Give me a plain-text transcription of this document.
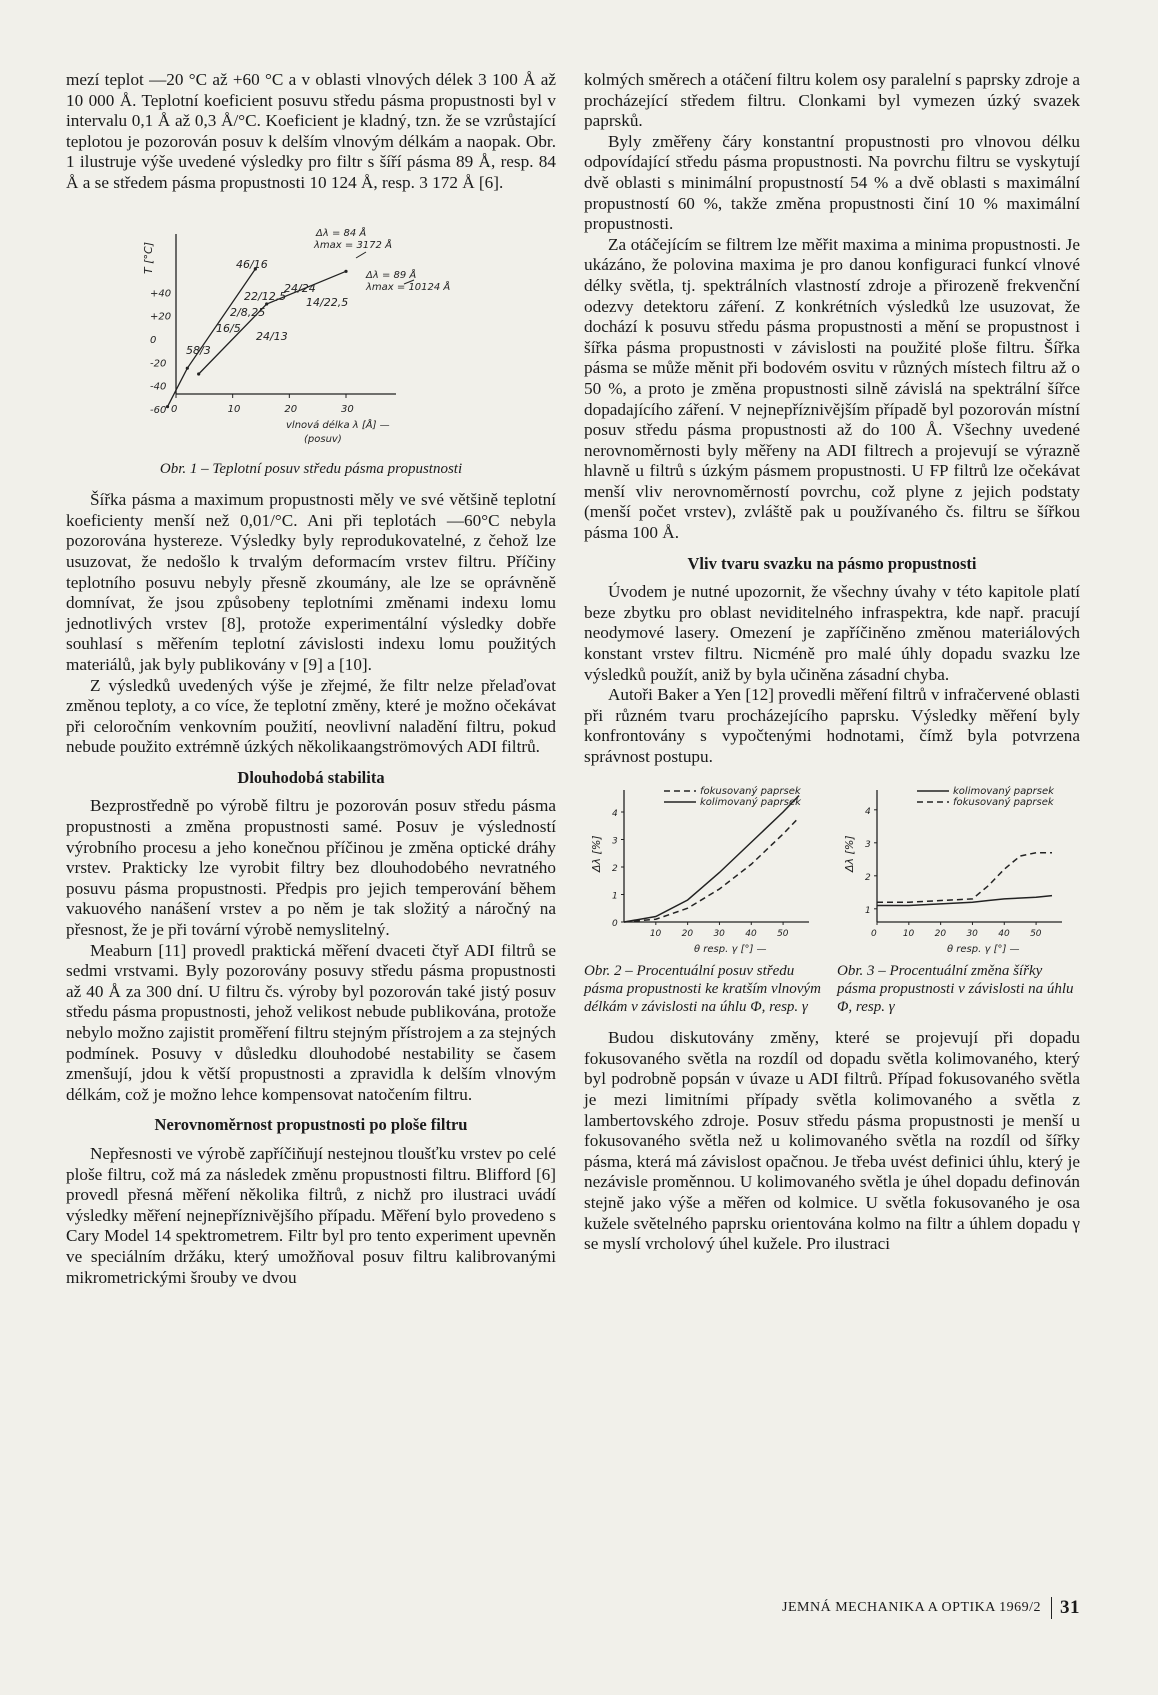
mezí teplot —20 °C až +60 °C a v oblasti vlnových délek 3 100 Å až 10 000 Å. Teplotní koeficient posuvu středu pásma propustnosti byl v intervalu 0,1 Å až 0,3 Å/°C. Koeficient je kladný, tzn. že se vzrůstající teplotou je pozorován posuv k delším vlnovým délkám a naopak. Obr. 1 ilustruje výše uvedené výsledky pro filtr s šíří pásma 89 Å, resp. 84 Å a se středem pásma propustnosti 10 124 Å, resp. 3 172 Å [6].

T [°C]
+40
+20
0
-20
-40
-60 0	10	20	30
vlnová délka λ [Å] —
(posuv)
Δλ = 84 Å
λmax = 3172 Å
Δλ = 89 Å
λmax = 10124 Å
46/16
24/24
22/12,5 14/22,5
2/8,25
16/5
24/13
58/3
Obr. 1 – Teplotní posuv středu pásma propustnosti

Šířka pásma a maximum propustnosti měly ve své většině teplotní koeficienty menší než 0,01/°C. Ani při teplotách —60°C nebyla pozorována hystereze. Výsledky byly reprodukovatelné, z čehož lze usuzovat, že nedošlo k trvalým deformacím vrstev filtru. Příčiny teplotního posuvu nebyly přesně zkoumány, ale lze se oprávněně domnívat, že jsou způsobeny teplotními změnami indexu lomu jednotlivých vrstev [8], protože experimentální výsledky dobře souhlasí s měřením teplotní závislosti indexu lomu použitých materiálů, jak byly publikovány v [9] a [10].

Z výsledků uvedených výše je zřejmé, že filtr nelze přelaďovat změnou teploty, a co více, že teplotní změny, které je možno očekávat při celoročním venkovním použití, neovlivní naladění filtru, pokud nebude použito extrémně úzkých několikaangströmových ADI filtrů.

Dlouhodobá stabilita

Bezprostředně po výrobě filtru je pozorován posuv středu pásma propustnosti a změna propustnosti samé. Posuv je výsledností výrobního procesu a jeho konečnou příčinou je změna optické dráhy vrstev. Prakticky lze vyrobit filtry bez dlouhodobého nevratného posuvu pásma propustnosti. Předpis pro jejich temperování během vakuového nanášení vrstev a po něm je tak složitý a náročný na přesnost, že je při tovární výrobě nemyslitelný.

Meaburn [11] provedl praktická měření dvaceti čtyř ADI filtrů se sedmi vrstvami. Byly pozorovány posuvy středu pásma propustnosti až 40 Å za 300 dní. U filtru čs. výroby byl pozorován také jistý posuv středu pásma propustnosti, jehož velikost nebude publikována, protože nebylo možno zajistit proměření filtru stejným přístrojem a za stejných podmínek. Posuvy v důsledku dlouhodobé nestability se časem zmenšují, jdou k větší propustnosti a zpravidla k delším vlnovým délkám, což je možno lehce kompensovat natočením filtru.

Nerovnoměrnost propustnosti po ploše filtru

Nepřesnosti ve výrobě zapříčiňují nestejnou tloušťku vrstev po celé ploše filtru, což má za následek změnu propustnosti filtru. Blifford [6] provedl přesná měření několika filtrů, z nichž pro ilustraci uvádí výsledky měření nejnepříznivějšího případu. Měření bylo provedeno s Cary Model 14 spektrometrem. Filtr byl pro tento experiment upevněn ve speciálním držáku, který umožňoval posuv filtru kalibrovanými mikrometrickými šrouby ve dvou

kolmých směrech a otáčení filtru kolem osy paralelní s paprsky zdroje a procházející středem filtru. Clonkami byl vymezen úzký svazek paprsků.

Byly změřeny čáry konstantní propustnosti pro vlnovou délku odpovídající středu pásma propustnosti. Na povrchu filtru se vyskytují dvě oblasti s minimální propustností 54 % a dvě oblasti s maximální propustností 60 %, takže změna propustnosti činí 10 % maximální propustnosti.

Za otáčejícím se filtrem lze měřit maxima a minima propustnosti. Je ukázáno, že polovina maxima je pro danou konfiguraci funkcí vlnové délky světla, tj. spektrálních vlastností zdroje a přirozeně frekvenční odezvy detektoru záření. Z konkrétních výsledků lze usuzovat, že dochází k posuvu středu pásma propustnosti a mění se propustnost i šířka pásma propustnosti v závislosti na použité ploše filtru. Šířka pásma se může měnit při bodovém osvitu v různých místech filtru až o 50 %, a proto je změna propustnosti silně závislá na spektrální šířce dopadajícího záření. V nejnepříznivějším případě byl pozorován místní posuv středu pásma propustnosti až do 100 Å. Všechny uvedené nerovnoměrnosti byly měřeny na ADI filtrech a projevují se výrazně hlavně u filtrů s úzkým pásmem propustnosti. U FP filtrů lze očekávat menší vliv nerovnoměrností povrchu, což plyne z jejich podstaty (menší počet vrstev), zvláště pak u používaného čs. filtru se šířkou pásma 100 Å.

Vliv tvaru svazku na pásmo propustnosti

Úvodem je nutné upozornit, že všechny úvahy v této kapitole platí beze zbytku pro oblast neviditelného infraspektra, kde např. pracují neodymové lasery. Omezení je zapříčiněno změnou materiálových konstant vrstev filtru. Nicméně pro malé úhly dopadu svazku lze výsledků použít, aniž by byla učiněna zásadní chyba.

Autoři Baker a Yen [12] provedli měření filtrů v infračervené oblasti při různém tvaru procházejícího paprsku. Výsledky měření byly konfrontovány s vypočtenými hodnotami, čímž byla potvrzena správnost postupu.

Δλ [%]
0
1
2
3
4
10 20 30 40 50
θ resp. γ [°] —
fokusovaný paprsek
kolimovaný paprsek
Obr. 2 – Procentuální posuv středu pásma propustnosti ke kratším vlnovým délkám v závislosti na úhlu Φ, resp. γ
Δλ [%]
1
2
3
4
0	10 20 30 40 50
θ resp. γ [°] —
kolimovaný paprsek
fokusovaný paprsek
Obr. 3 – Procentuální změna šířky pásma propustnosti v závislosti na úhlu Φ, resp. γ

Budou diskutovány změny, které se projevují při dopadu fokusovaného světla na rozdíl od dopadu světla kolimovaného, který byl podrobně popsán v úvaze u ADI filtrů. Případ fokusovaného světla je mezi limitními případy světla kolimovaného a světla z lambertovského zdroje. Posuv středu pásma propustnosti je menší u fokusovaného světla než u kolimovaného světla na rozdíl od šířky pásma, která má závislost opačnou. Je třeba uvést definici úhlu, který je nezávisle proměnnou. U kolimovaného světla je úhel dopadu definován stejně jako výše a měřen od kolmice. U světla fokusovaného je osa kužele světelného paprsku orientována kolmo na filtr a úhlem dopadu γ se myslí vrcholový úhel kužele. Pro ilustraci

JEMNÁ MECHANIKA A OPTIKA 1969/2	31
